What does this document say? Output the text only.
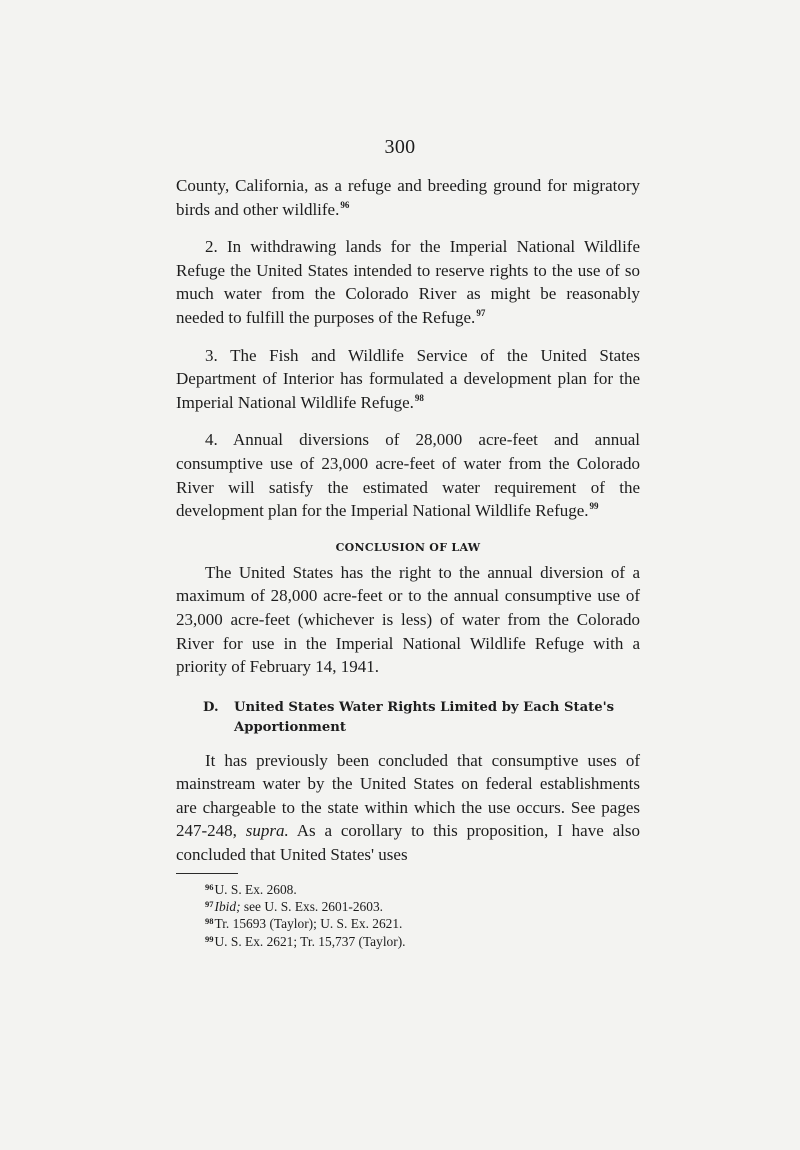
300

County, California, as a refuge and breeding ground for migratory birds and other wildlife.$^{96}$

2. In withdrawing lands for the Imperial National Wildlife Refuge the United States intended to reserve rights to the use of so much water from the Colorado River as might be reasonably needed to fulfill the purposes of the Refuge.$^{97}$

3. The Fish and Wildlife Service of the United States Department of Interior has formulated a development plan for the Imperial National Wildlife Refuge.$^{98}$

4. Annual diversions of 28,000 acre-feet and annual consumptive use of 23,000 acre-feet of water from the Colorado River will satisfy the estimated water requirement of the development plan for the Imperial National Wildlife Refuge.$^{99}$

CONCLUSION OF LAW

The United States has the right to the annual diversion of a maximum of 28,000 acre-feet or to the annual consumptive use of 23,000 acre-feet (whichever is less) of water from the Colorado River for use in the Imperial National Wildlife Refuge with a priority of February 14, 1941.

D.	United States Water Rights Limited by Each State's Apportionment

It has previously been concluded that consumptive uses of mainstream water by the United States on federal establishments are chargeable to the state within which the use occurs. See pages 247-248, supra. As a corollary to this proposition, I have also concluded that United States' uses

$^{96}$U. S. Ex. 2608.

$^{97}$Ibid; see U. S. Exs. 2601-2603.

$^{98}$Tr. 15693 (Taylor); U. S. Ex. 2621.

$^{99}$U. S. Ex. 2621; Tr. 15,737 (Taylor).
